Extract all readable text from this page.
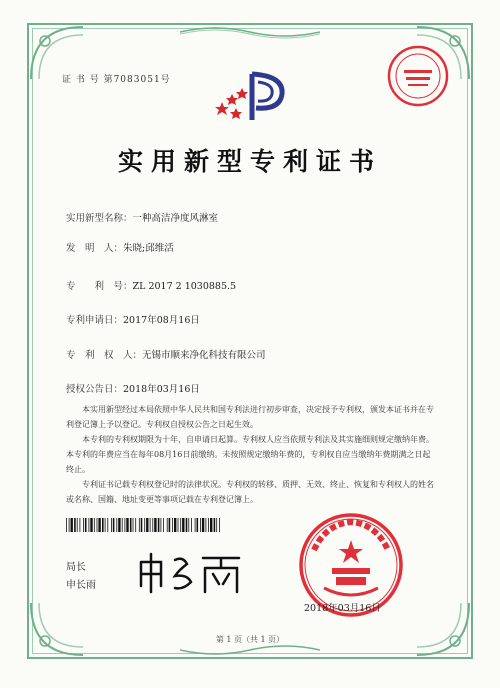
证 书 号 第7083051号
实用新型专利证书
实用新型名称：一种高洁净度风淋室
发　明　人：朱晓;邱维活
专　　利　号：ZL 2017 2 1030885.5
专利申请日：2017年08月16日
专　利　权　人：无锡市顺来净化科技有限公司
授权公告日：2018年03月16日

本实用新型经过本局依照中华人民共和国专利法进行初步审查，决定授予专利权，颁发本证书并在专利登记簿上予以登记。专利权自授权公告之日起生效。

本专利的专利权期限为十年，自申请日起算。专利权人应当依照专利法及其实施细则规定缴纳年费。本专利的年费应当在每年08月16日前缴纳。未按照规定缴纳年费的，专利权自应当缴纳年费期满之日起终止。

专利证书记载专利权登记时的法律状况。专利权的转移、质押、无效、终止、恢复和专利权人的姓名或名称、国籍、地址变更等事项记载在专利登记簿上。

局长
申长雨
2018年03月16日
第 1 页（共 1 页）
